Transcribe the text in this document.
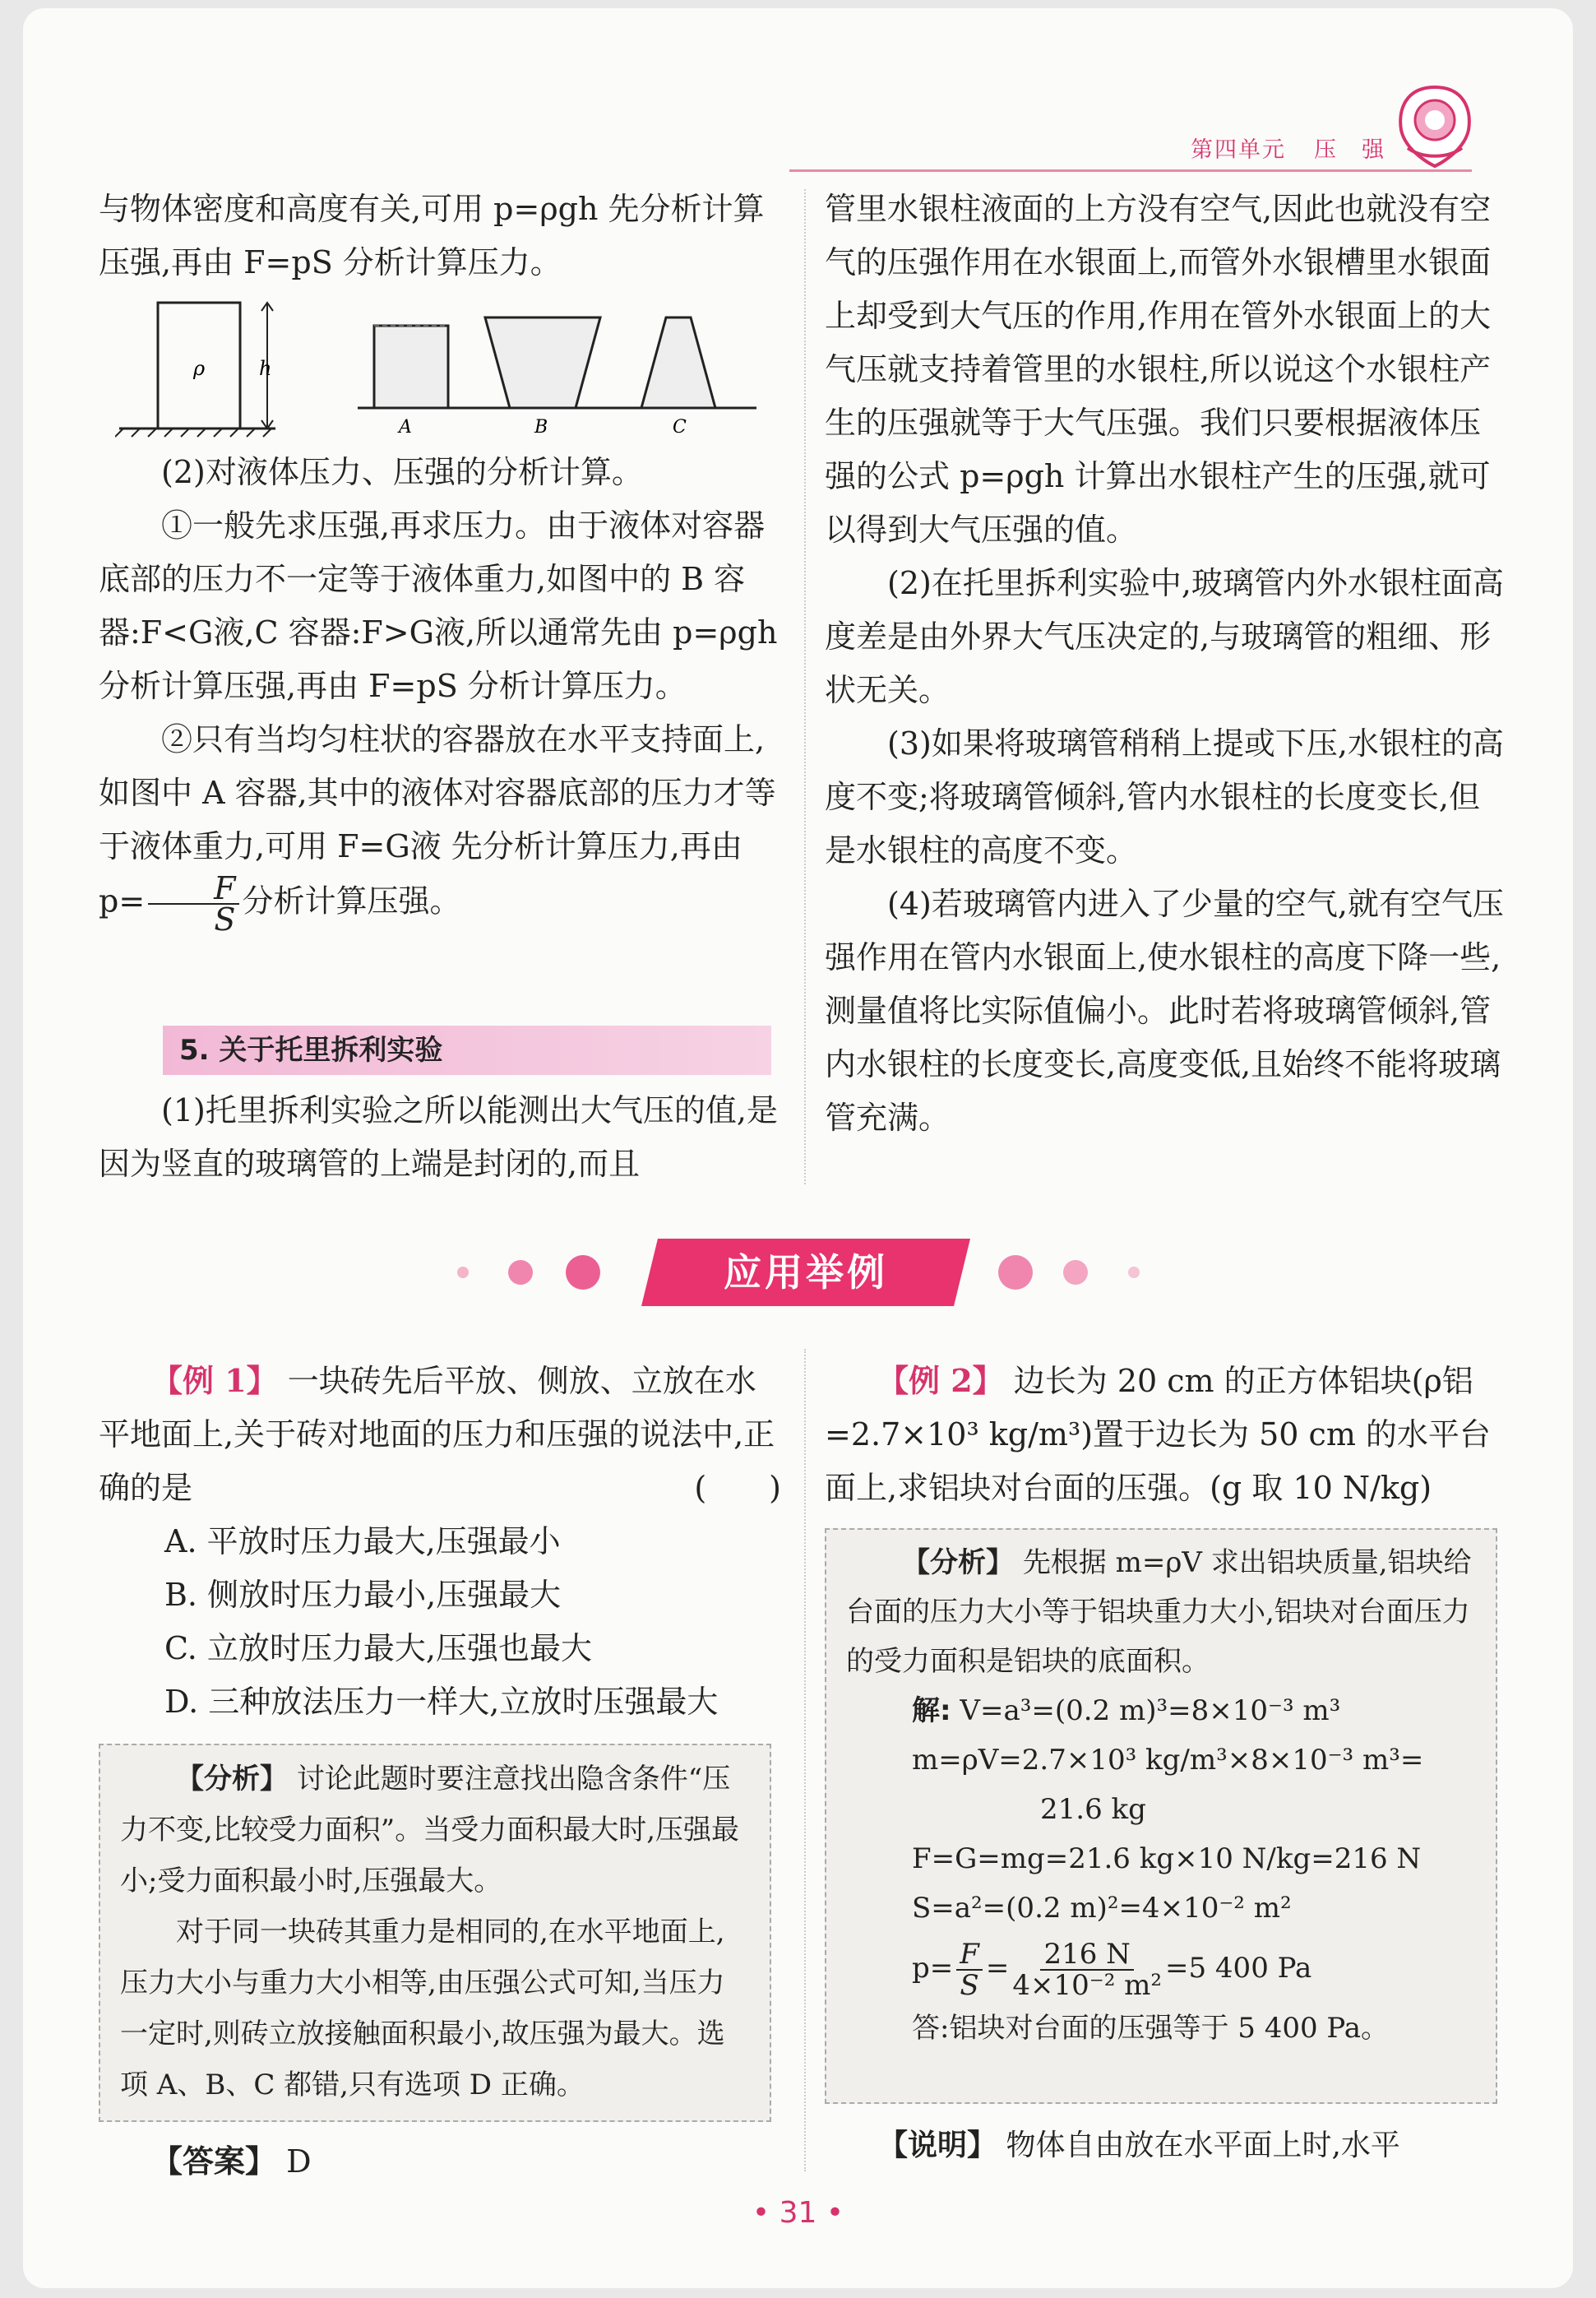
第四单元 压　强

与物体密度和高度有关,可用 p=ρgh 先分析计算压强,再由 F=pS 分析计算压力。

ρ	h
A	B	C

(2)对液体压力、压强的分析计算。

①一般先求压强,再求压力。由于液体对容器底部的压力不一定等于液体重力,如图中的 B 容器:F<G液,C 容器:F>G液,所以通常先由 p=ρgh 分析计算压强,再由 F=pS 分析计算压力。

②只有当均匀柱状的容器放在水平支持面上,如图中 A 容器,其中的液体对容器底部的压力才等于液体重力,可用 F=G液 先分析计算压力,再由 $p= \frac{F}{S}$ 分析计算压强。

5. 关于托里拆利实验

(1)托里拆利实验之所以能测出大气压的值,是因为竖直的玻璃管的上端是封闭的,而且

管里水银柱液面的上方没有空气,因此也就没有空气的压强作用在水银面上,而管外水银槽里水银面上却受到大气压的作用,作用在管外水银面上的大气压就支持着管里的水银柱,所以说这个水银柱产生的压强就等于大气压强。我们只要根据液体压强的公式 p=ρgh 计算出水银柱产生的压强,就可以得到大气压强的值。

(2)在托里拆利实验中,玻璃管内外水银柱面高度差是由外界大气压决定的,与玻璃管的粗细、形状无关。

(3)如果将玻璃管稍稍上提或下压,水银柱的高度不变;将玻璃管倾斜,管内水银柱的长度变长,但是水银柱的高度不变。

(4)若玻璃管内进入了少量的空气,就有空气压强作用在管内水银面上,使水银柱的高度下降一些,测量值将比实际值偏小。此时若将玻璃管倾斜,管内水银柱的长度变长,高度变低,且始终不能将玻璃管充满。

应用举例

【例 1】 一块砖先后平放、侧放、立放在水平地面上,关于砖对地面的压力和压强的说法中,正确的是	(　　)

A. 平放时压力最大,压强最小

B. 侧放时压力最小,压强最大

C. 立放时压力最大,压强也最大

D. 三种放法压力一样大,立放时压强最大

【分析】 讨论此题时要注意找出隐含条件“压力不变,比较受力面积”。当受力面积最大时,压强最小;受力面积最小时,压强最大。

对于同一块砖其重力是相同的,在水平地面上,压力大小与重力大小相等,由压强公式可知,当压力一定时,则砖立放接触面积最小,故压强为最大。选项 A、B、C 都错,只有选项 D 正确。

【答案】 D

【例 2】 边长为 20 cm 的正方体铝块(ρ铝=2.7×10³ kg/m³)置于边长为 50 cm 的水平台面上,求铝块对台面的压强。(g 取 10 N/kg)

【分析】 先根据 m=ρV 求出铝块质量,铝块给台面的压力大小等于铝块重力大小,铝块对台面压力的受力面积是铝块的底面积。

解: V=a³=(0.2 m)³=8×10⁻³ m³

m=ρV=2.7×10³ kg/m³×8×10⁻³ m³=

21.6 kg

F=G=mg=21.6 kg×10 N/kg=216 N

S=a²=(0.2 m)²=4×10⁻² m²

$p= \frac{F}{S} = \frac{216 N}{\text{4×10⁻² m²}} =5$ 400 Pa

答:铝块对台面的压强等于 5 400 Pa。

【说明】 物体自由放在水平面上时,水平

• 31 •
